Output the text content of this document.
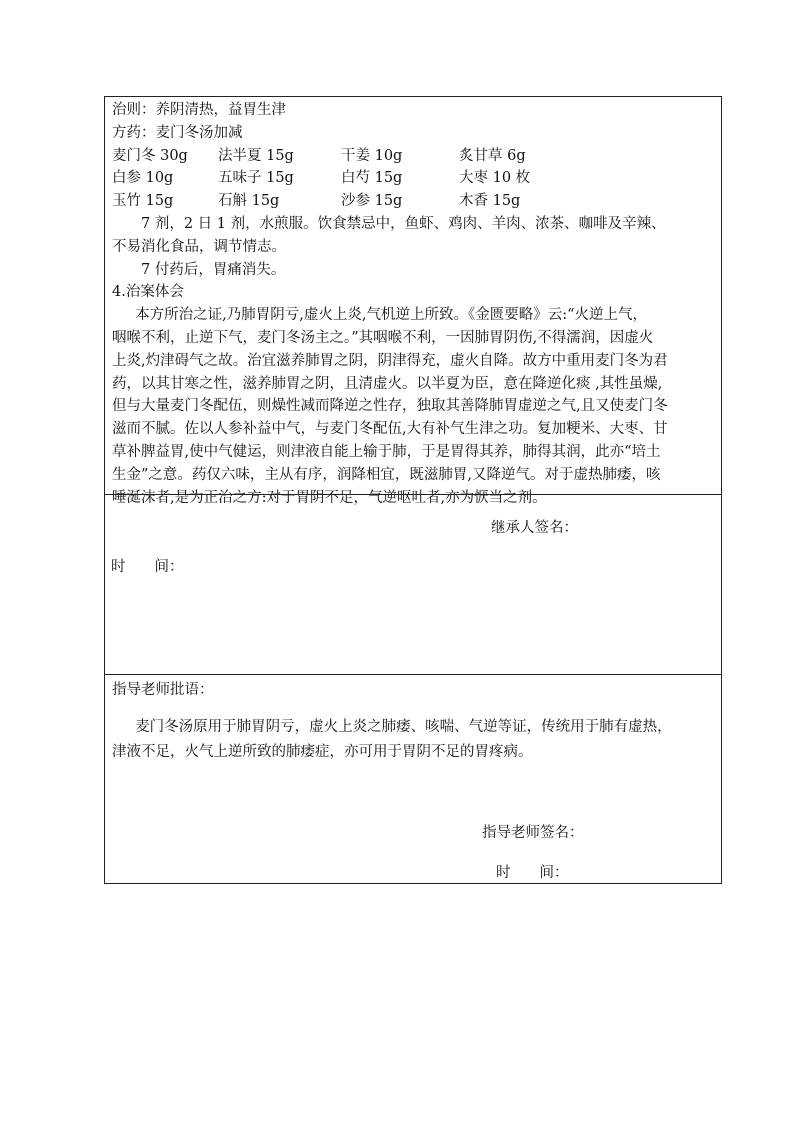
治则：养阴清热，益胃生津
方药：麦门冬汤加减
麦门冬 30g	法半夏 15g	干姜 10g	炙甘草 6g
白参 10g	五味子 15g	白芍 15g	大枣 10 枚
玉竹 15g	石斛 15g	沙参 15g	木香 15g
7 剂，2 日 1 剂，水煎服。饮食禁忌中，鱼虾、鸡肉、羊肉、浓茶、咖啡及辛辣、
不易消化食品，调节情志。
7 付药后，胃痛消失。
4.治案体会
本方所治之证,乃肺胃阴亏,虚火上炎,气机逆上所致。《金匮要略》云:“火逆上气，
咽喉不利，止逆下气，麦门冬汤主之。”其咽喉不利，一因肺胃阴伤,不得濡润，因虚火
上炎,灼津碍气之故。治宜滋养肺胃之阴，阴津得充，虚火自降。故方中重用麦门冬为君
药，以其甘寒之性，滋养肺胃之阴，且清虚火。以半夏为臣，意在降逆化痰 ,其性虽燥,
但与大量麦门冬配伍，则燥性减而降逆之性存，独取其善降肺胃虚逆之气,且又使麦门冬
滋而不腻。佐以人参补益中气，与麦门冬配伍,大有补气生津之功。复加粳米、大枣、甘
草补脾益胃,使中气健运，则津液自能上输于肺，于是胃得其养，肺得其润，此亦“培土
生金”之意。药仅六味，主从有序，润降相宜，既滋肺胃,又降逆气。对于虚热肺痿，咳
唾涎沫者,是为正治之方:对于胃阴不足，气逆呕吐者,亦为恹当之剂。
继承人签名：
时　　间：
指导老师批语：
麦门冬汤原用于肺胃阴亏，虚火上炎之肺痿、咳喘、气逆等证，传统用于肺有虚热，
津液不足，火气上逆所致的肺痿症，亦可用于胃阴不足的胃疼病。
指导老师签名：
时　　间：
